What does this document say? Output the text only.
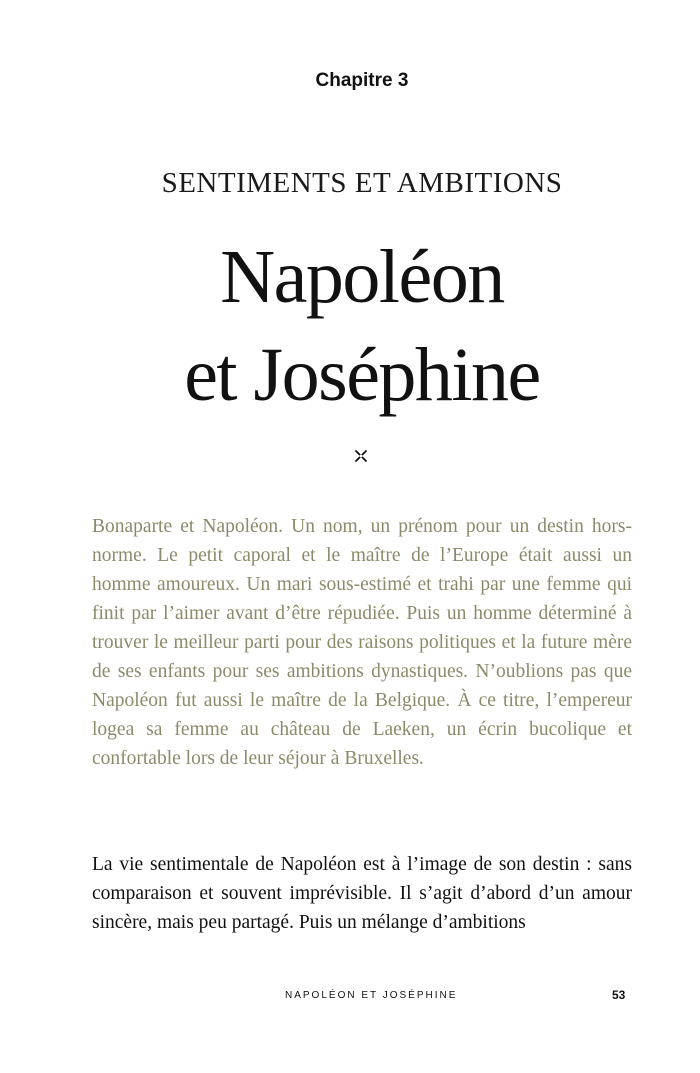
Chapitre 3
SENTIMENTS ET AMBITIONS
Napoléon
et Joséphine

Bonaparte et Napoléon. Un nom, un prénom pour un destin hors-norme. Le petit caporal et le maître de l’Europe était aussi un homme amoureux. Un mari sous-estimé et trahi par une femme qui finit par l’aimer avant d’être répudiée. Puis un homme déterminé à trouver le meilleur parti pour des raisons politiques et la future mère de ses enfants pour ses ambitions dynastiques. N’oublions pas que Napoléon fut aussi le maître de la Belgique. À ce titre, l’empereur logea sa femme au château de Laeken, un écrin bucolique et confortable lors de leur séjour à Bruxelles.

La vie sentimentale de Napoléon est à l’image de son destin : sans comparaison et souvent imprévisible. Il s’agit d’abord d’un amour sincère, mais peu partagé. Puis un mélange d’ambitions

NAPOLÉON ET JOSÉPHINE	53
